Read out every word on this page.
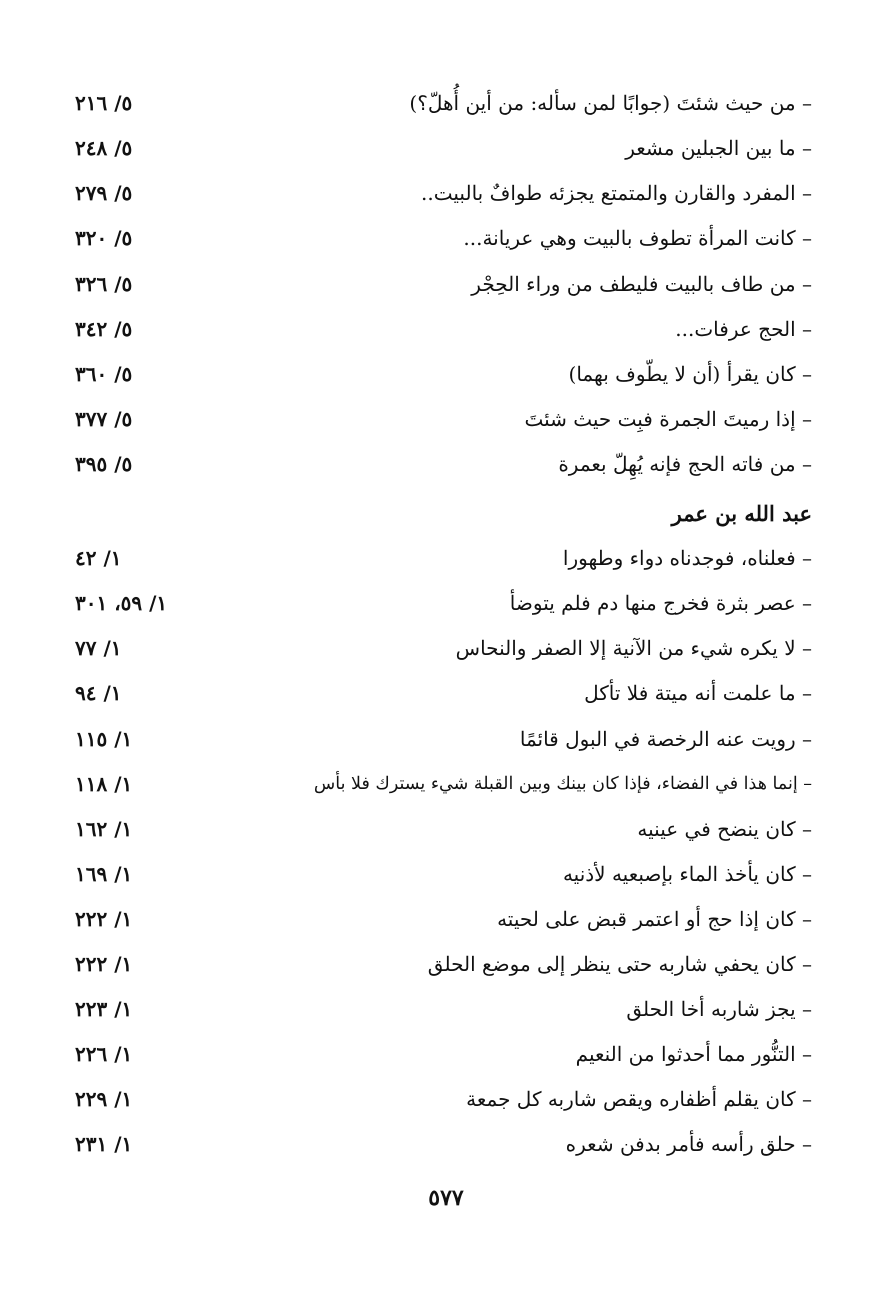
– من حيث شئتَ (جوابًا لمن سأله: من أين أُهلّ؟)
٥/ ٢١٦
– ما بين الجبلين مشعر
٥/ ٢٤٨
– المفرد والقارن والمتمتع يجزئه طوافٌ بالبيت..
٥/ ٢٧٩
– كانت المرأة تطوف بالبيت وهي عريانة...
٥/ ٣٢٠
– من طاف بالبيت فليطف من وراء الحِجْر
٥/ ٣٢٦
– الحج عرفات...
٥/ ٣٤٢
– كان يقرأ (أن لا يطّوف بهما)
٥/ ٣٦٠
– إذا رميتَ الجمرة فبِت حيث شئتَ
٥/ ٣٧٧
– من فاته الحج فإنه يُهِلّ بعمرة
٥/ ٣٩٥
عبد الله بن عمر
– فعلناه، فوجدناه دواء وطهورا
١/ ٤٢
– عصر بثرة فخرج منها دم فلم يتوضأ
١/ ٥٩، ٣٠١
– لا يكره شيء من الآنية إلا الصفر والنحاس
١/ ٧٧
– ما علمت أنه ميتة فلا تأكل
١/ ٩٤
– رويت عنه الرخصة في البول قائمًا
١/ ١١٥
– إنما هذا في الفضاء، فإذا كان بينك وبين القبلة شيء يسترك فلا بأس
١/ ١١٨
– كان ينضح في عينيه
١/ ١٦٢
– كان يأخذ الماء بإصبعيه لأذنيه
١/ ١٦٩
– كان إذا حج أو اعتمر قبض على لحيته
١/ ٢٢٢
– كان يحفي شاربه حتى ينظر إلى موضع الحلق
١/ ٢٢٢
– يجز شاربه أخا الحلق
١/ ٢٢٣
– التنُّور مما أحدثوا من النعيم
١/ ٢٢٦
– كان يقلم أظفاره ويقص شاربه كل جمعة
١/ ٢٢٩
– حلق رأسه فأمر بدفن شعره
١/ ٢٣١
٥٧٧
